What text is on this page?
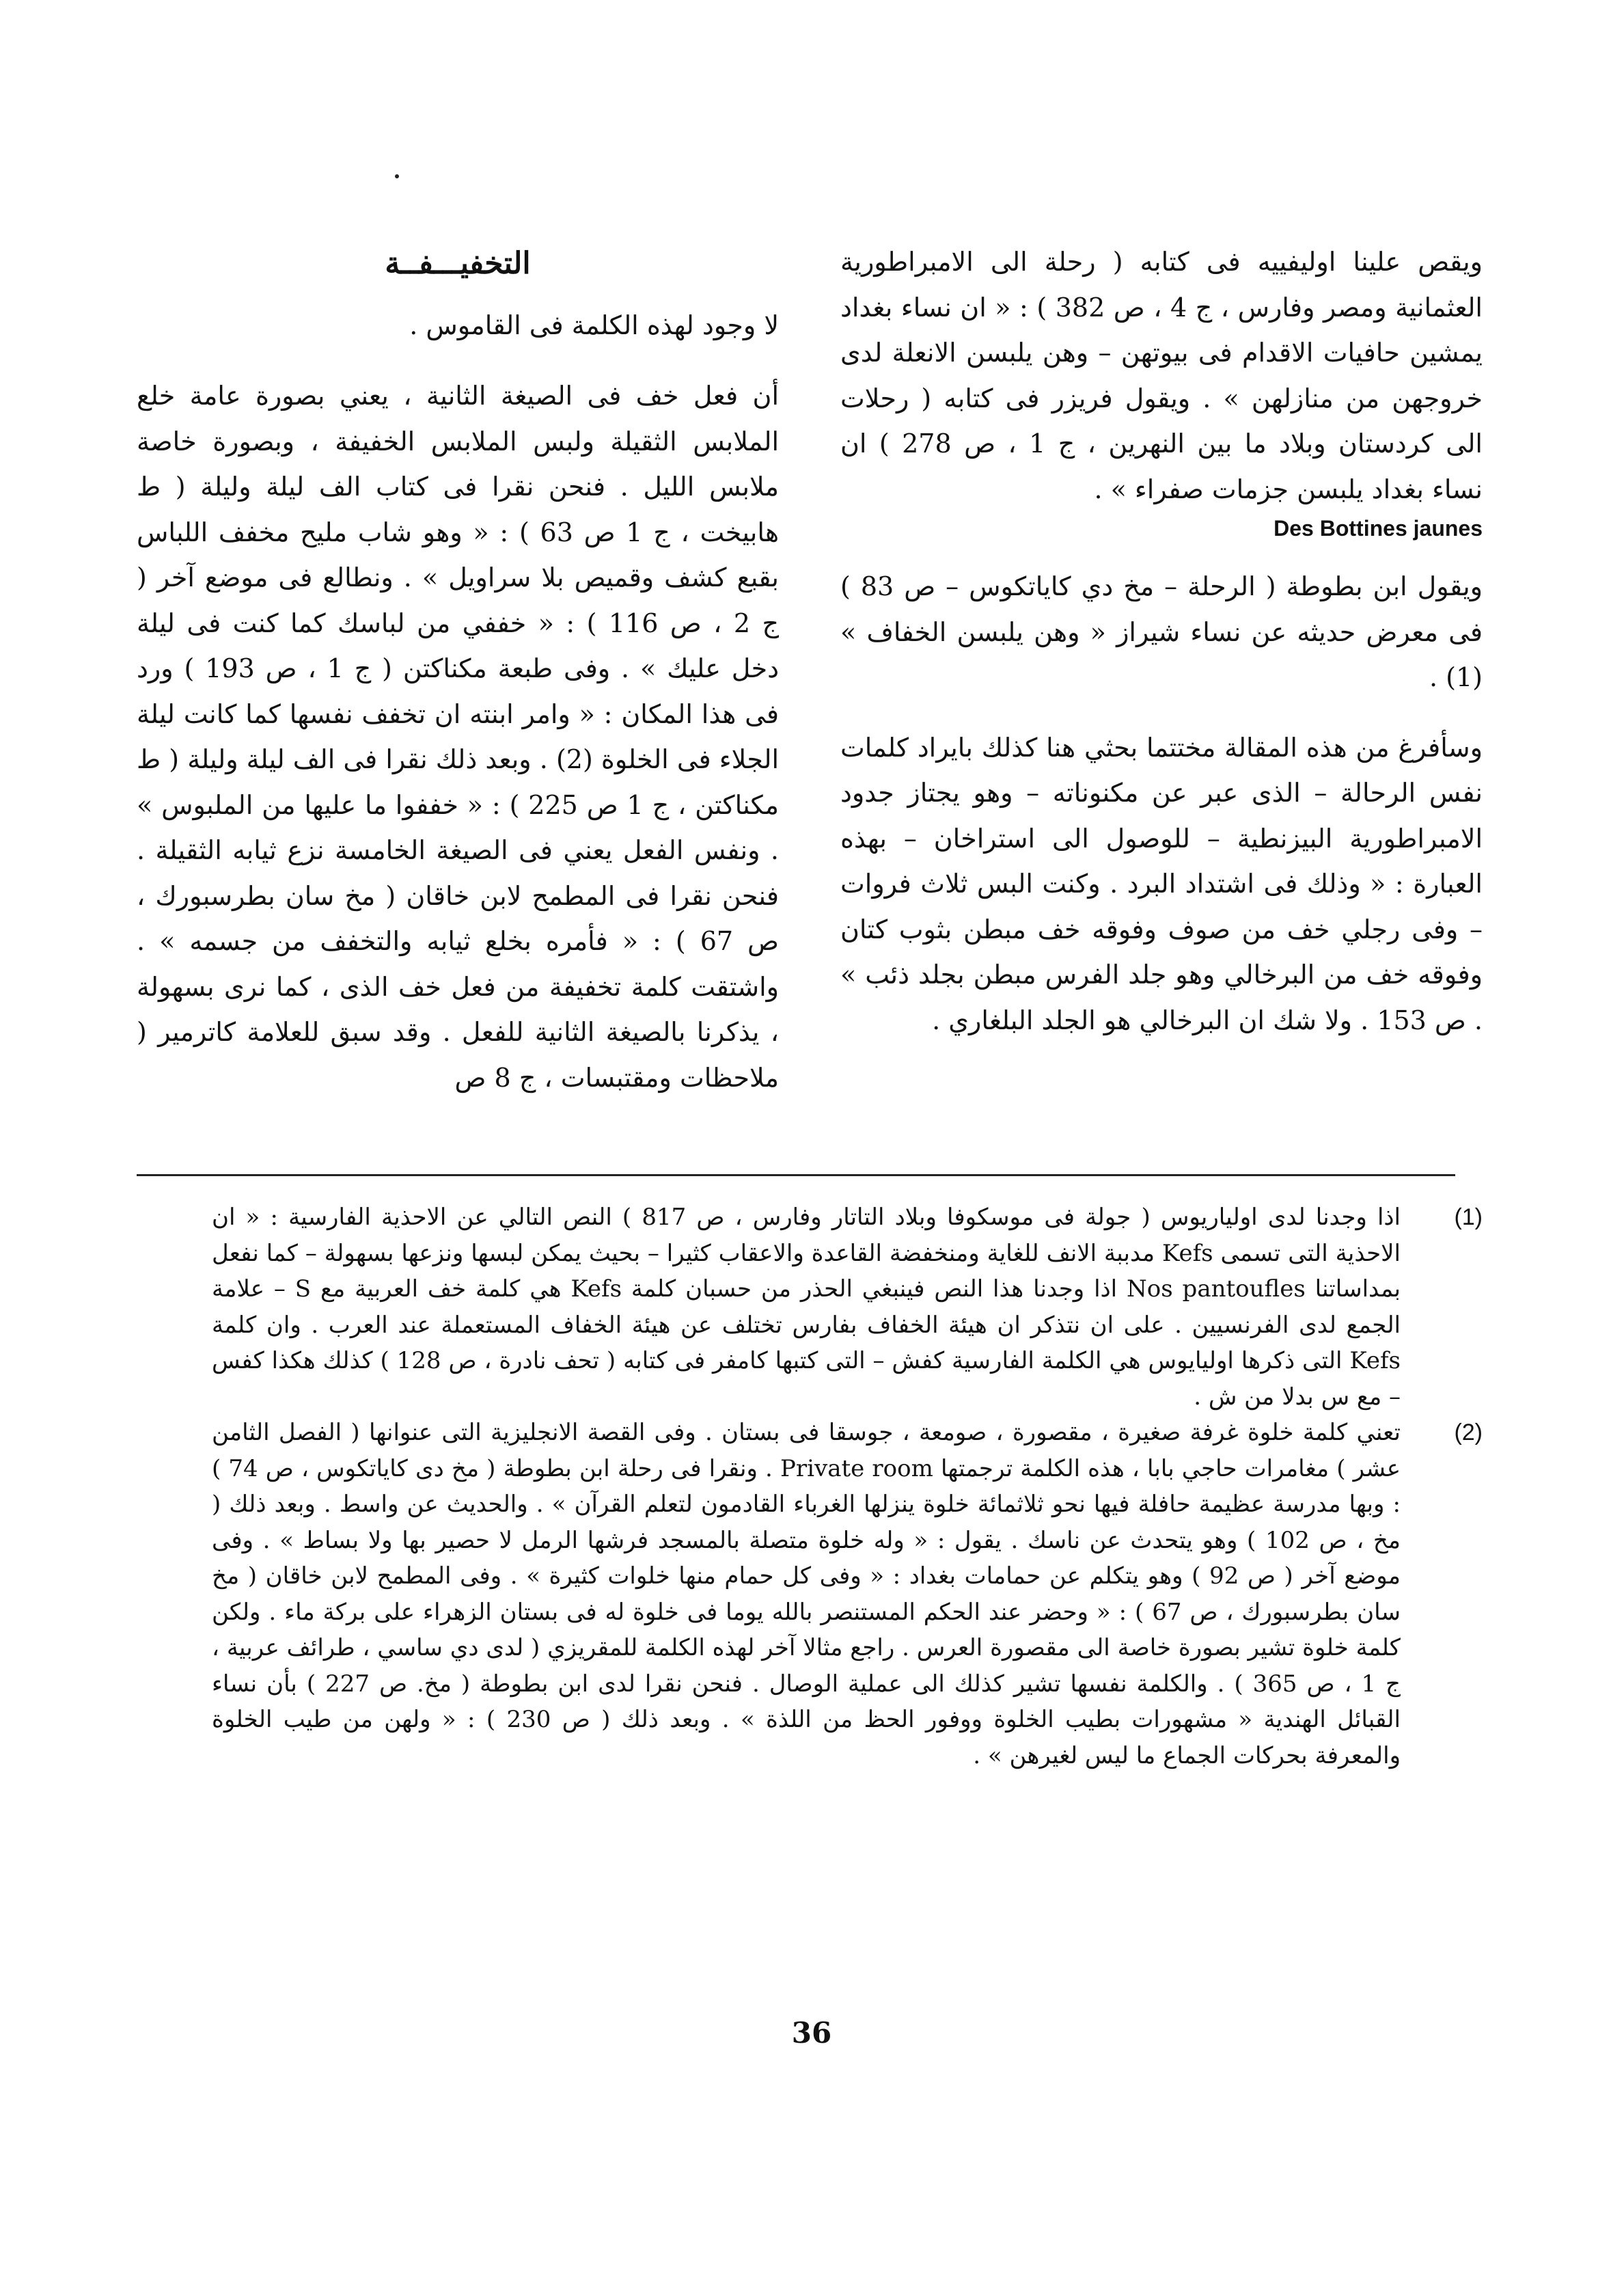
ويقص علينا اوليفييه فى كتابه ( رحلة الى الامبراطورية العثمانية ومصر وفارس ، ج 4 ، ص 382 ) : « ان نساء بغداد يمشين حافيات الاقدام فى بيوتهن – وهن يلبسن الانعلة لدى خروجهن من منازلهن » . ويقول فريزر فى كتابه ( رحلات الى كردستان وبلاد ما بين النهرين ، ج 1 ، ص 278 ) ان نساء بغداد يلبسن جزمات صفراء » .

Des Bottines jaunes

ويقول ابن بطوطة ( الرحلة – مخ دي كاياتكوس – ص 83 ) فى معرض حديثه عن نساء شيراز « وهن يلبسن الخفاف » (1) .

وسأفرغ من هذه المقالة مختتما بحثي هنا كذلك بايراد كلمات نفس الرحالة – الذى عبر عن مكنوناته – وهو يجتاز جدود الامبراطورية البيزنطية – للوصول الى استراخان – بهذه العبارة : « وذلك فى اشتداد البرد . وكنت البس ثلاث فروات – وفى رجلي خف من صوف وفوقه خف مبطن بثوب كتان وفوقه خف من البرخالي وهو جلد الفرس مبطن بجلد ذئب » . ص 153 . ولا شك ان البرخالي هو الجلد البلغاري .

التخفيـــفــة

لا وجود لهذه الكلمة فى القاموس .

أن فعل خف فى الصيغة الثانية ، يعني بصورة عامة خلع الملابس الثقيلة ولبس الملابس الخفيفة ، وبصورة خاصة ملابس الليل . فنحن نقرا فى كتاب الف ليلة وليلة ( ط هابيخت ، ج 1 ص 63 ) : « وهو شاب مليح مخفف اللباس بقبع كشف وقميص بلا سراويل » . ونطالع فى موضع آخر ( ج 2 ، ص 116 ) : « خففي من لباسك كما كنت فى ليلة دخل عليك » . وفى طبعة مكناكتن ( ج 1 ، ص 193 ) ورد فى هذا المكان : « وامر ابنته ان تخفف نفسها كما كانت ليلة الجلاء فى الخلوة (2) . وبعد ذلك نقرا فى الف ليلة وليلة ( ط مكناكتن ، ج 1 ص 225 ) : « خففوا ما عليها من الملبوس » . ونفس الفعل يعني فى الصيغة الخامسة نزع ثيابه الثقيلة . فنحن نقرا فى المطمح لابن خاقان ( مخ سان بطرسبورك ، ص 67 ) : « فأمره بخلع ثيابه والتخفف من جسمه » . واشتقت كلمة تخفيفة من فعل خف الذى ، كما نرى بسهولة ، يذكرنا بالصيغة الثانية للفعل . وقد سبق للعلامة كاترمير ( ملاحظات ومقتبسات ، ج 8 ص

(1)
اذا وجدنا لدى اولياريوس ( جولة فى موسكوفا وبلاد التاتار وفارس ، ص 817 ) النص التالي عن الاحذية الفارسية : « ان الاحذية التى تسمى Kefs مدببة الانف للغاية ومنخفضة القاعدة والاعقاب كثيرا – بحيث يمكن لبسها ونزعها بسهولة – كما نفعل بمداساتنا Nos pantoufles اذا وجدنا هذا النص فينبغي الحذر من حسبان كلمة Kefs هي كلمة خف العربية مع S – علامة الجمع لدى الفرنسيين . على ان نتذكر ان هيئة الخفاف بفارس تختلف عن هيئة الخفاف المستعملة عند العرب . وان كلمة Kefs التى ذكرها اوليايوس هي الكلمة الفارسية كفش – التى كتبها كامفر فى كتابه ( تحف نادرة ، ص 128 ) كذلك هكذا كفس – مع س بدلا من ش .
(2)
تعني كلمة خلوة غرفة صغيرة ، مقصورة ، صومعة ، جوسقا فى بستان . وفى القصة الانجليزية التى عنوانها ( الفصل الثامن عشر ) مغامرات حاجي بابا ، هذه الكلمة ترجمتها Private room . ونقرا فى رحلة ابن بطوطة ( مخ دى كاياتكوس ، ص 74 ) : وبها مدرسة عظيمة حافلة فيها نحو ثلاثمائة خلوة ينزلها الغرباء القادمون لتعلم القرآن » . والحديث عن واسط . وبعد ذلك ( مخ ، ص 102 ) وهو يتحدث عن ناسك . يقول : « وله خلوة متصلة بالمسجد فرشها الرمل لا حصير بها ولا بساط » . وفى موضع آخر ( ص 92 ) وهو يتكلم عن حمامات بغداد : « وفى كل حمام منها خلوات كثيرة » . وفى المطمح لابن خاقان ( مخ سان بطرسبورك ، ص 67 ) : « وحضر عند الحكم المستنصر بالله يوما فى خلوة له فى بستان الزهراء على بركة ماء . ولكن كلمة خلوة تشير بصورة خاصة الى مقصورة العرس . راجع مثالا آخر لهذه الكلمة للمقريزي ( لدى دي ساسي ، طرائف عربية ، ج 1 ، ص 365 ) . والكلمة نفسها تشير كذلك الى عملية الوصال . فنحن نقرا لدى ابن بطوطة ( مخ. ص 227 ) بأن نساء القبائل الهندية « مشهورات بطيب الخلوة ووفور الحظ من اللذة » . وبعد ذلك ( ص 230 ) : « ولهن من طيب الخلوة والمعرفة بحركات الجماع ما ليس لغيرهن » .
36
